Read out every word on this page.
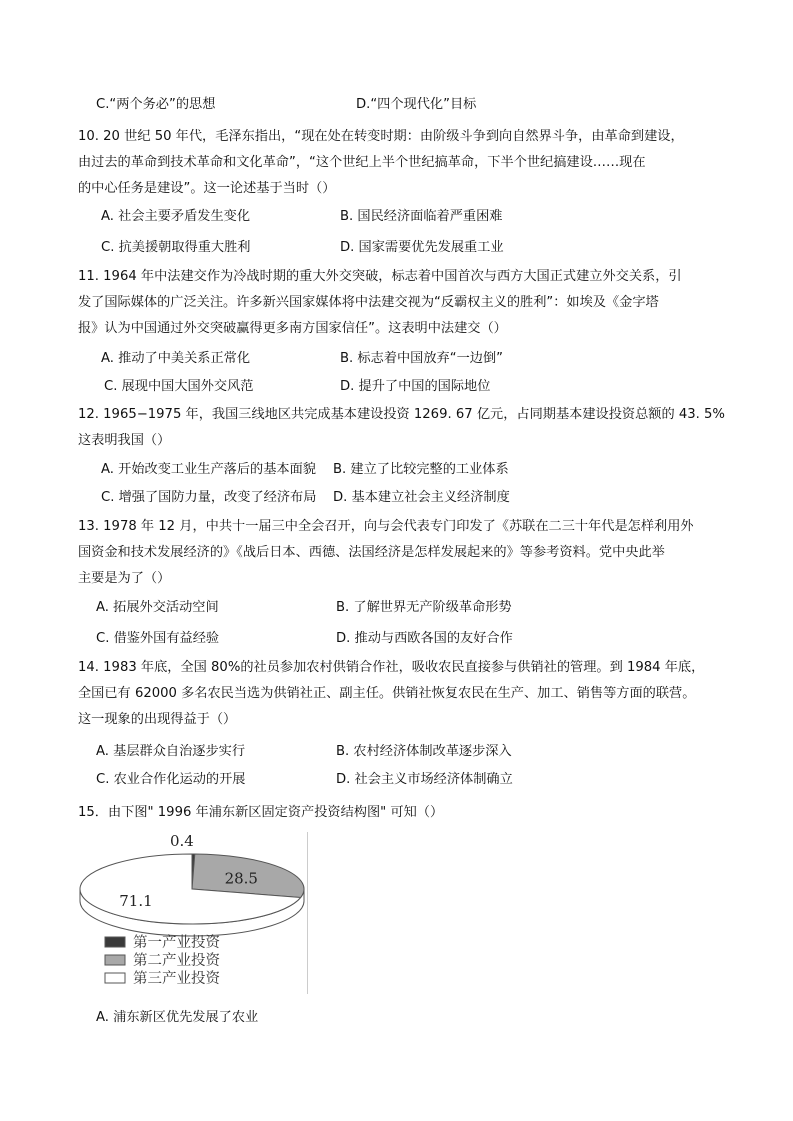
C.“两个务必”的思想	D.“四个现代化”目标
10. 20 世纪 50 年代，毛泽东指出，“现在处在转变时期：由阶级斗争到向自然界斗争，由革命到建设，
由过去的革命到技术革命和文化革命”，“这个世纪上半个世纪搞革命，下半个世纪搞建设……现在
的中心任务是建设”。这一论述基于当时（）
A. 社会主要矛盾发生变化	B. 国民经济面临着严重困难
C. 抗美援朝取得重大胜利	D. 国家需要优先发展重工业
11. 1964 年中法建交作为冷战时期的重大外交突破，标志着中国首次与西方大国正式建立外交关系，引
发了国际媒体的广泛关注。许多新兴国家媒体将中法建交视为“反霸权主义的胜利”：如埃及《金字塔
报》认为中国通过外交突破赢得更多南方国家信任”。这表明中法建交（）
A. 推动了中美关系正常化	B. 标志着中国放弃“一边倒”
C. 展现中国大国外交风范	D. 提升了中国的国际地位
12. 1965−1975 年，我国三线地区共完成基本建设投资 1269. 67 亿元，占同期基本建设投资总额的 43. 5%
这表明我国（）
A. 开始改变工业生产落后的基本面貌 B. 建立了比较完整的工业体系
C. 增强了国防力量，改变了经济布局 D. 基本建立社会主义经济制度
13. 1978 年 12 月，中共十一届三中全会召开，向与会代表专门印发了《苏联在二三十年代是怎样利用外
国资金和技术发展经济的》《战后日本、西德、法国经济是怎样发展起来的》等参考资料。党中央此举
主要是为了（）
A. 拓展外交活动空间	B. 了解世界无产阶级革命形势
C. 借鉴外国有益经验	D. 推动与西欧各国的友好合作
14. 1983 年底，全国 80%的社员参加农村供销合作社，吸收农民直接参与供销社的管理。到 1984 年底，
全国已有 62000 多名农民当选为供销社正、副主任。供销社恢复农民在生产、加工、销售等方面的联营。
这一现象的出现得益于（）
A. 基层群众自治逐步实行	B. 农村经济体制改革逐步深入
C. 农业合作化运动的开展	D. 社会主义市场经济体制确立
15．由下图" 1996 年浦东新区固定资产投资结构图" 可知（）
0.4
28.5
71.1
第一产业投资
第二产业投资
第三产业投资
A. 浦东新区优先发展了农业
